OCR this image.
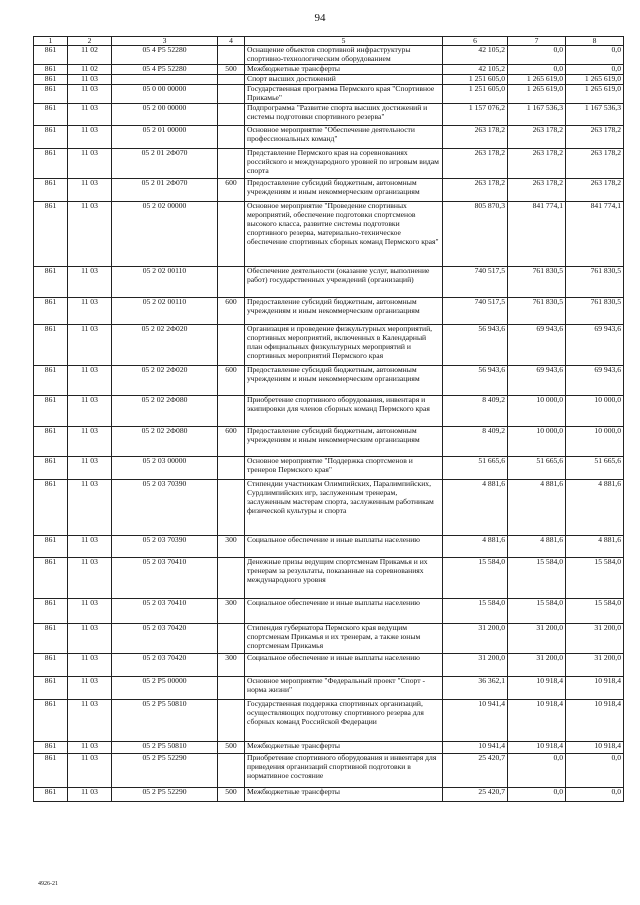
94
1	2	3	4	5	6	7	8
861	11 02	05 4 P5 52280		Оснащение объектов спортивной инфраструктуры спортивно-технологическим оборудованием	42 105,2	0,0	0,0
861	11 02	05 4 P5 52280	500	Межбюджетные трансферты	42 105,2	0,0	0,0
861	11 03			Спорт высших достижений	1 251 605,0	1 265 619,0	1 265 619,0
861	11 03	05 0 00 00000		Государственная программа Пермского края "Спортивное Прикамье"	1 251 605,0	1 265 619,0	1 265 619,0
861	11 03	05 2 00 00000		Подпрограмма "Развитие спорта высших достижений и системы подготовки спортивного резерва"	1 157 076,2	1 167 536,3	1 167 536,3
861	11 03	05 2 01 00000		Основное мероприятие "Обеспечение деятельности профессиональных команд"	263 178,2	263 178,2	263 178,2
861	11 03	05 2 01 2Ф070		Представление Пермского края на соревнованиях российского и международного уровней по игровым видам спорта	263 178,2	263 178,2	263 178,2
861	11 03	05 2 01 2Ф070	600	Предоставление субсидий бюджетным, автономным учреждениям и иным некоммерческим организациям	263 178,2	263 178,2	263 178,2
861	11 03	05 2 02 00000		Основное мероприятие "Проведение спортивных мероприятий, обеспечение подготовки спортсменов высокого класса, развитие системы подготовки спортивного резерва, материально-техническое обеспечение спортивных сборных команд Пермского края"	805 870,3	841 774,1	841 774,1
861	11 03	05 2 02 00110		Обеспечение деятельности (оказание услуг, выполнение работ) государственных учреждений (организаций)	740 517,5	761 830,5	761 830,5
861	11 03	05 2 02 00110	600	Предоставление субсидий бюджетным, автономным учреждениям и иным некоммерческим организациям	740 517,5	761 830,5	761 830,5
861	11 03	05 2 02 2Ф020		Организация и проведение физкультурных мероприятий, спортивных мероприятий, включенных в Календарный план официальных физкультурных мероприятий и спортивных мероприятий Пермского края	56 943,6	69 943,6	69 943,6
861	11 03	05 2 02 2Ф020	600	Предоставление субсидий бюджетным, автономным учреждениям и иным некоммерческим организациям	56 943,6	69 943,6	69 943,6
861	11 03	05 2 02 2Ф080		Приобретение спортивного оборудования, инвентаря и экипировки для членов сборных команд Пермского края	8 409,2	10 000,0	10 000,0
861	11 03	05 2 02 2Ф080	600	Предоставление субсидий бюджетным, автономным учреждениям и иным некоммерческим организациям	8 409,2	10 000,0	10 000,0
861	11 03	05 2 03 00000		Основное мероприятие "Поддержка спортсменов и тренеров Пермского края"	51 665,6	51 665,6	51 665,6
861	11 03	05 2 03 70390		Стипендии участникам Олимпийских, Паралимпийских, Сурдлимпийских игр, заслуженным тренерам, заслуженным мастерам спорта, заслуженным работникам физической культуры и спорта	4 881,6	4 881,6	4 881,6
861	11 03	05 2 03 70390	300	Социальное обеспечение и иные выплаты населению	4 881,6	4 881,6	4 881,6
861	11 03	05 2 03 70410		Денежные призы ведущим спортсменам Прикамья и их тренерам за результаты, показанные на соревнованиях международного уровня	15 584,0	15 584,0	15 584,0
861	11 03	05 2 03 70410	300	Социальное обеспечение и иные выплаты населению	15 584,0	15 584,0	15 584,0
861	11 03	05 2 03 70420		Стипендия губернатора Пермского края ведущим спортсменам Прикамья и их тренерам, а также юным спортсменам Прикамья	31 200,0	31 200,0	31 200,0
861	11 03	05 2 03 70420	300	Социальное обеспечение и иные выплаты населению	31 200,0	31 200,0	31 200,0
861	11 03	05 2 P5 00000		Основное мероприятие "Федеральный проект "Спорт - норма жизни"	36 362,1	10 918,4	10 918,4
861	11 03	05 2 P5 50810		Государственная поддержка спортивных организаций, осуществляющих подготовку спортивного резерва для сборных команд Российской Федерации	10 941,4	10 918,4	10 918,4
861	11 03	05 2 P5 50810	500	Межбюджетные трансферты	10 941,4	10 918,4	10 918,4
861	11 03	05 2 P5 52290		Приобретение спортивного оборудования и инвентаря для приведения организаций спортивной подготовки в нормативное состояние	25 420,7	0,0	0,0
861	11 03	05 2 P5 52290	500	Межбюджетные трансферты	25 420,7	0,0	0,0
4926-21
